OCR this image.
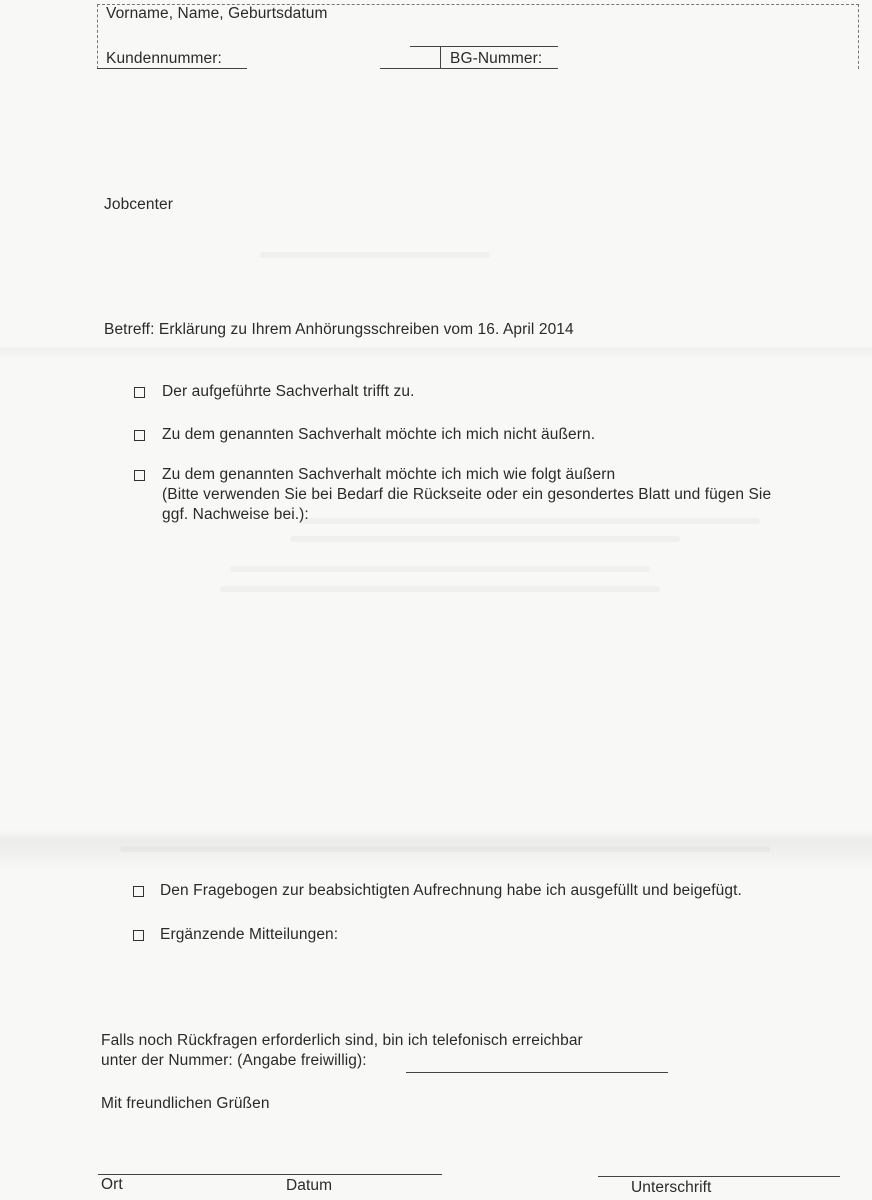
Vorname, Name, Geburtsdatum
Kundennummer:	BG-Nummer:
Jobcenter
Betreff: Erklärung zu Ihrem Anhörungsschreiben vom 16. April 2014
Der aufgeführte Sachverhalt trifft zu.
Zu dem genannten Sachverhalt möchte ich mich nicht äußern.
Zu dem genannten Sachverhalt möchte ich mich wie folgt äußern
(Bitte verwenden Sie bei Bedarf die Rückseite oder ein gesondertes Blatt und fügen Sie
ggf. Nachweise bei.):
Den Fragebogen zur beabsichtigten Aufrechnung habe ich ausgefüllt und beigefügt.
Ergänzende Mitteilungen:
Falls noch Rückfragen erforderlich sind, bin ich telefonisch erreichbar
unter der Nummer: (Angabe freiwillig):
Mit freundlichen Grüßen
Ort	Datum	Unterschrift
